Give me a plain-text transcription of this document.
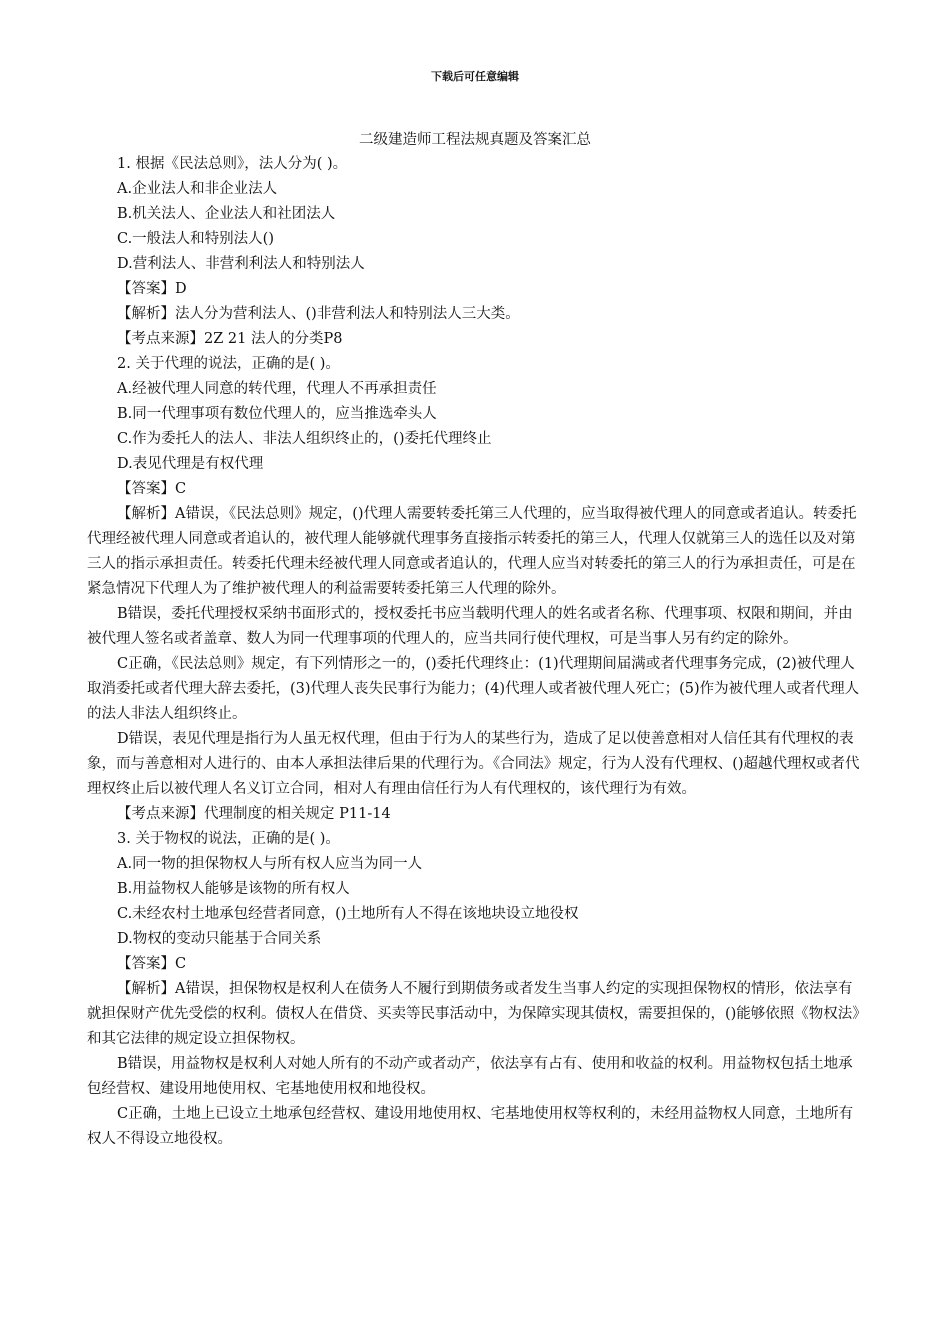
下载后可任意编辑
二级建造师工程法规真题及答案汇总

1. 根据《民法总则》，法人分为( )。

A.企业法人和非企业法人

B.机关法人、企业法人和社团法人

C.一般法人和特别法人()

D.营利法人、非营利利法人和特别法人

【答案】D

【解析】法人分为营利法人、()非营利法人和特别法人三大类。

【考点来源】2Z 21 法人的分类P8

2. 关于代理的说法，正确的是( )。

A.经被代理人同意的转代理，代理人不再承担责任

B.同一代理事项有数位代理人的，应当推选牵头人

C.作为委托人的法人、非法人组织终止的，()委托代理终止

D.表见代理是有权代理

【答案】C

【解析】A错误，《民法总则》规定，()代理人需要转委托第三人代理的，应当取得被代理人的同意或者追认。转委托代理经被代理人同意或者追认的，被代理人能够就代理事务直接指示转委托的第三人，代理人仅就第三人的选任以及对第三人的指示承担责任。转委托代理未经被代理人同意或者追认的，代理人应当对转委托的第三人的行为承担责任，可是在紧急情况下代理人为了维护被代理人的利益需要转委托第三人代理的除外。

B错误，委托代理授权采纳书面形式的，授权委托书应当载明代理人的姓名或者名称、代理事项、权限和期间，并由被代理人签名或者盖章、数人为同一代理事项的代理人的，应当共同行使代理权，可是当事人另有约定的除外。

C正确，《民法总则》规定，有下列情形之一的，()委托代理终止：(1)代理期间届满或者代理事务完成，(2)被代理人取消委托或者代理大辞去委托，(3)代理人丧失民事行为能力；(4)代理人或者被代理人死亡；(5)作为被代理人或者代理人的法人非法人组织终止。

D错误，表见代理是指行为人虽无权代理，但由于行为人的某些行为，造成了足以使善意相对人信任其有代理权的表象，而与善意相对人进行的、由本人承担法律后果的代理行为。《合同法》规定，行为人没有代理权、()超越代理权或者代理权终止后以被代理人名义订立合同，相对人有理由信任行为人有代理权的，该代理行为有效。

【考点来源】代理制度的相关规定 P11-14

3. 关于物权的说法，正确的是( )。

A.同一物的担保物权人与所有权人应当为同一人

B.用益物权人能够是该物的所有权人

C.未经农村土地承包经营者同意，()土地所有人不得在该地块设立地役权

D.物权的变动只能基于合同关系

【答案】C

【解析】A错误，担保物权是权利人在债务人不履行到期债务或者发生当事人约定的实现担保物权的情形，依法享有就担保财产优先受偿的权利。债权人在借贷、买卖等民事活动中，为保障实现其债权，需要担保的，()能够依照《物权法》和其它法律的规定设立担保物权。

B错误，用益物权是权利人对她人所有的不动产或者动产，依法享有占有、使用和收益的权利。用益物权包括土地承包经营权、建设用地使用权、宅基地使用权和地役权。

C正确，土地上已设立土地承包经营权、建设用地使用权、宅基地使用权等权利的，未经用益物权人同意，土地所有权人不得设立地役权。
